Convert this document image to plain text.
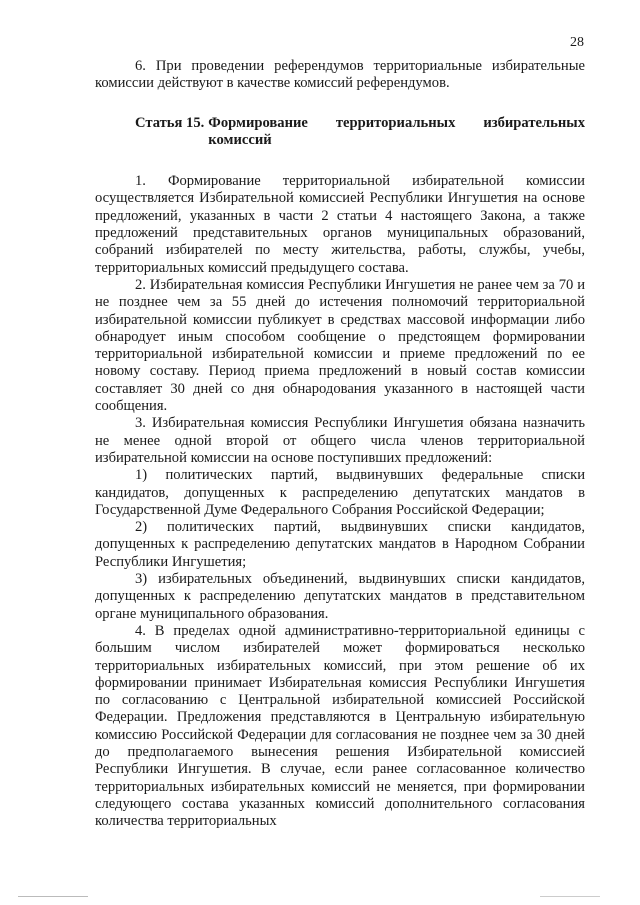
28

6. При проведении референдумов территориальные избирательные комиссии действуют в качестве комиссий референдумов.

Статья 15. Формирование территориальных избирательных комиссий

1. Формирование территориальной избирательной комиссии осуществляется Избирательной комиссией Республики Ингушетия на основе предложений, указанных в части 2 статьи 4 настоящего Закона, а также предложений представительных органов муниципальных образований, собраний избирателей по месту жительства, работы, службы, учебы, территориальных комиссий предыдущего состава.

2. Избирательная комиссия Республики Ингушетия не ранее чем за 70 и не позднее чем за 55 дней до истечения полномочий территориальной избирательной комиссии публикует в средствах массовой информации либо обнародует иным способом сообщение о предстоящем формировании территориальной избирательной комиссии и приеме предложений по ее новому составу. Период приема предложений в новый состав комиссии составляет 30 дней со дня обнародования указанного в настоящей части сообщения.

3. Избирательная комиссия Республики Ингушетия обязана назначить не менее одной второй от общего числа членов территориальной избирательной комиссии на основе поступивших предложений:

1) политических партий, выдвинувших федеральные списки кандидатов, допущенных к распределению депутатских мандатов в Государственной Думе Федерального Собрания Российской Федерации;

2) политических партий, выдвинувших списки кандидатов, допущенных к распределению депутатских мандатов в Народном Собрании Республики Ингушетия;

3) избирательных объединений, выдвинувших списки кандидатов, допущенных к распределению депутатских мандатов в представительном органе муниципального образования.

4. В пределах одной административно-территориальной единицы с большим числом избирателей может формироваться несколько территориальных избирательных комиссий, при этом решение об их формировании принимает Избирательная комиссия Республики Ингушетия по согласованию с Центральной избирательной комиссией Российской Федерации. Предложения представляются в Центральную избирательную комиссию Российской Федерации для согласования не позднее чем за 30 дней до предполагаемого вынесения решения Избирательной комиссией Республики Ингушетия. В случае, если ранее согласованное количество территориальных избирательных комиссий не меняется, при формировании следующего состава указанных комиссий дополнительного согласования количества территориальных
